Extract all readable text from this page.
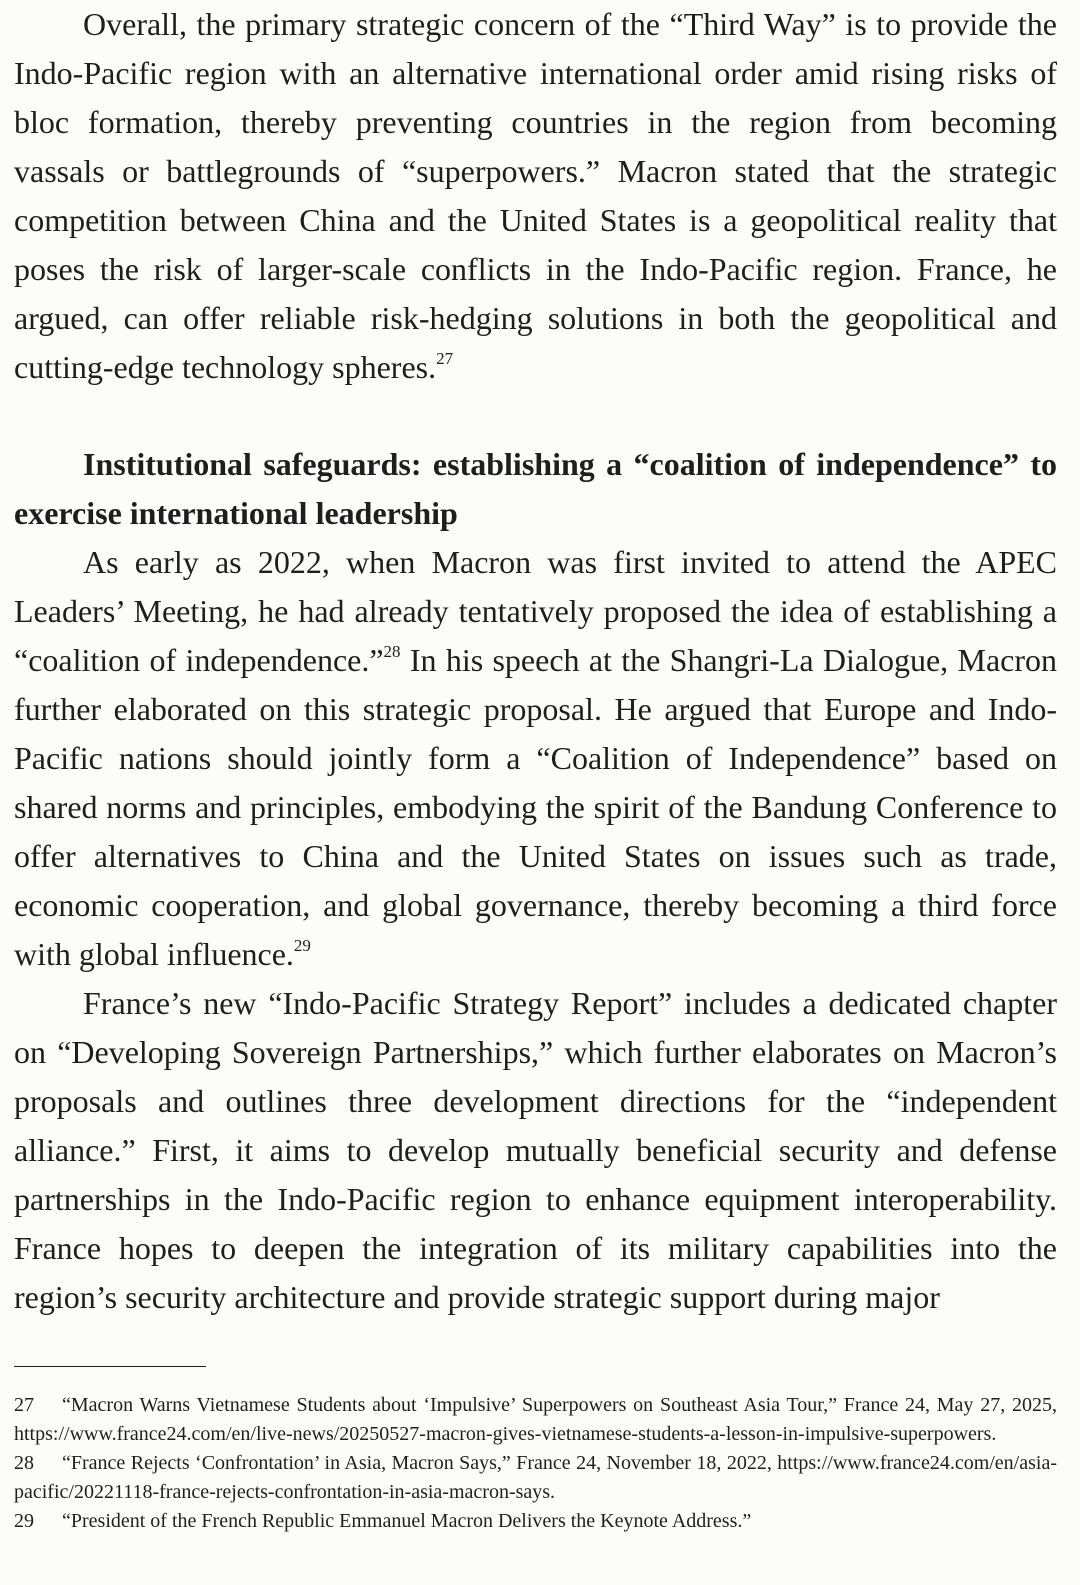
Overall, the primary strategic concern of the “Third Way” is to provide the Indo-Pacific region with an alternative international order amid rising risks of bloc formation, thereby preventing countries in the region from becoming vassals or battlegrounds of “superpowers.” Macron stated that the strategic competition between China and the United States is a geopolitical reality that poses the risk of larger-scale conflicts in the Indo-Pacific region. France, he argued, can offer reliable risk-hedging solutions in both the geopolitical and cutting-edge technology spheres.$^{27}$

Institutional safeguards: establishing a “coalition of independence” to exercise international leadership

As early as 2022, when Macron was first invited to attend the APEC Leaders’ Meeting, he had already tentatively proposed the idea of establishing a “coalition of independence.”$^{28}$ In his speech at the Shangri-La Dialogue, Macron further elaborated on this strategic proposal. He argued that Europe and Indo-Pacific nations should jointly form a “Coalition of Independence” based on shared norms and principles, embodying the spirit of the Bandung Conference to offer alternatives to China and the United States on issues such as trade, economic cooperation, and global governance, thereby becoming a third force with global influence.$^{29}$

France’s new “Indo-Pacific Strategy Report” includes a dedicated chapter on “Developing Sovereign Partnerships,” which further elaborates on Macron’s proposals and outlines three development directions for the “independent alliance.” First, it aims to develop mutually beneficial security and defense partnerships in the Indo-Pacific region to enhance equipment interoperability. France hopes to deepen the integration of its military capabilities into the region’s security architecture and provide strategic support during major

27 “Macron Warns Vietnamese Students about ‘Impulsive’ Superpowers on Southeast Asia Tour,” France 24, May 27, 2025, https://www.france24.com/en/live-news/20250527-macron-gives-vietnamese-students-a-lesson-in-impulsive-superpowers.

28 “France Rejects ‘Confrontation’ in Asia, Macron Says,” France 24, November 18, 2022, https://www.france24.com/en/asia-pacific/20221118-france-rejects-confrontation-in-asia-macron-says.

29 “President of the French Republic Emmanuel Macron Delivers the Keynote Address.”
